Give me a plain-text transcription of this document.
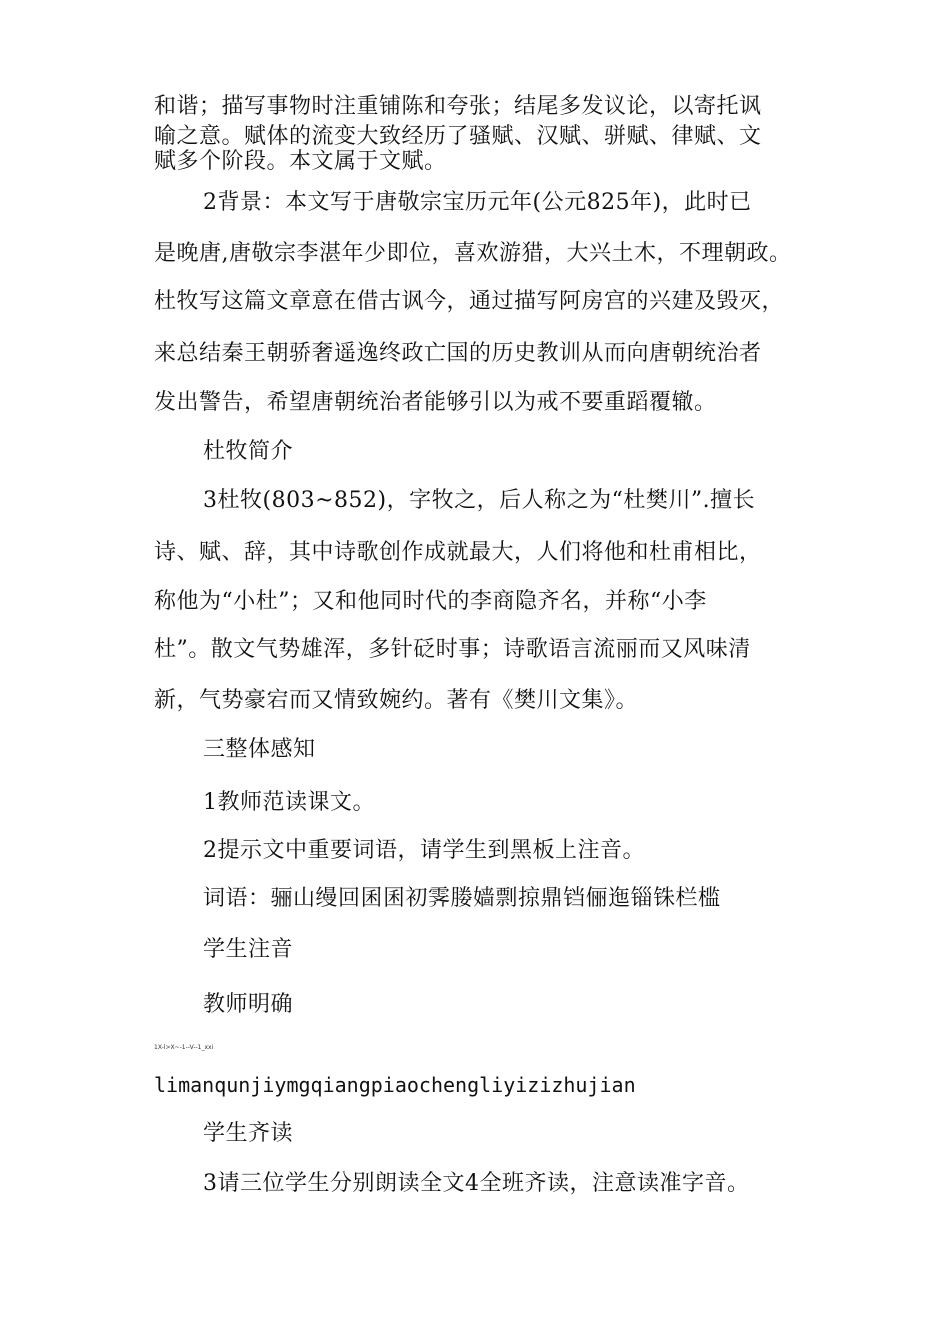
和谐；描写事物时注重铺陈和夸张；结尾多发议论，以寄托讽
喻之意。赋体的流变大致经历了骚赋、汉赋、骈赋、律赋、文
赋多个阶段。本文属于文赋。
2背景：本文写于唐敬宗宝历元年(公元825年)，此时已
是晚唐,唐敬宗李湛年少即位，喜欢游猎，大兴土木，不理朝政。
杜牧写这篇文章意在借古讽今，通过描写阿房宫的兴建及毁灭，
来总结秦王朝骄奢遥逸终政亡国的历史教训从而向唐朝统治者
发出警告，希望唐朝统治者能够引以为戒不要重蹈覆辙。
杜牧简介
3杜牧(803~852)，字牧之，后人称之为“杜樊川”.擅长
诗、赋、辞，其中诗歌创作成就最大，人们将他和杜甫相比，
称他为“小杜”；又和他同时代的李商隐齐名，并称“小李
杜”。散文气势雄浑，多针砭时事；诗歌语言流丽而又风味清
新，气势豪宕而又情致婉约。著有《樊川文集》。
三整体感知
1教师范读课文。
2提示文中重要词语，请学生到黑板上注音。
词语：骊山缦回囷囷初霁媵嫱剽掠鼎铛俪迤锱铢栏槛
学生注音
教师明确
1X-l>X~-1--V--1_xxi
limanqunjiymgqiangpiaochengliyizizhujian
学生齐读
3请三位学生分别朗读全文4全班齐读，注意读准字音。
